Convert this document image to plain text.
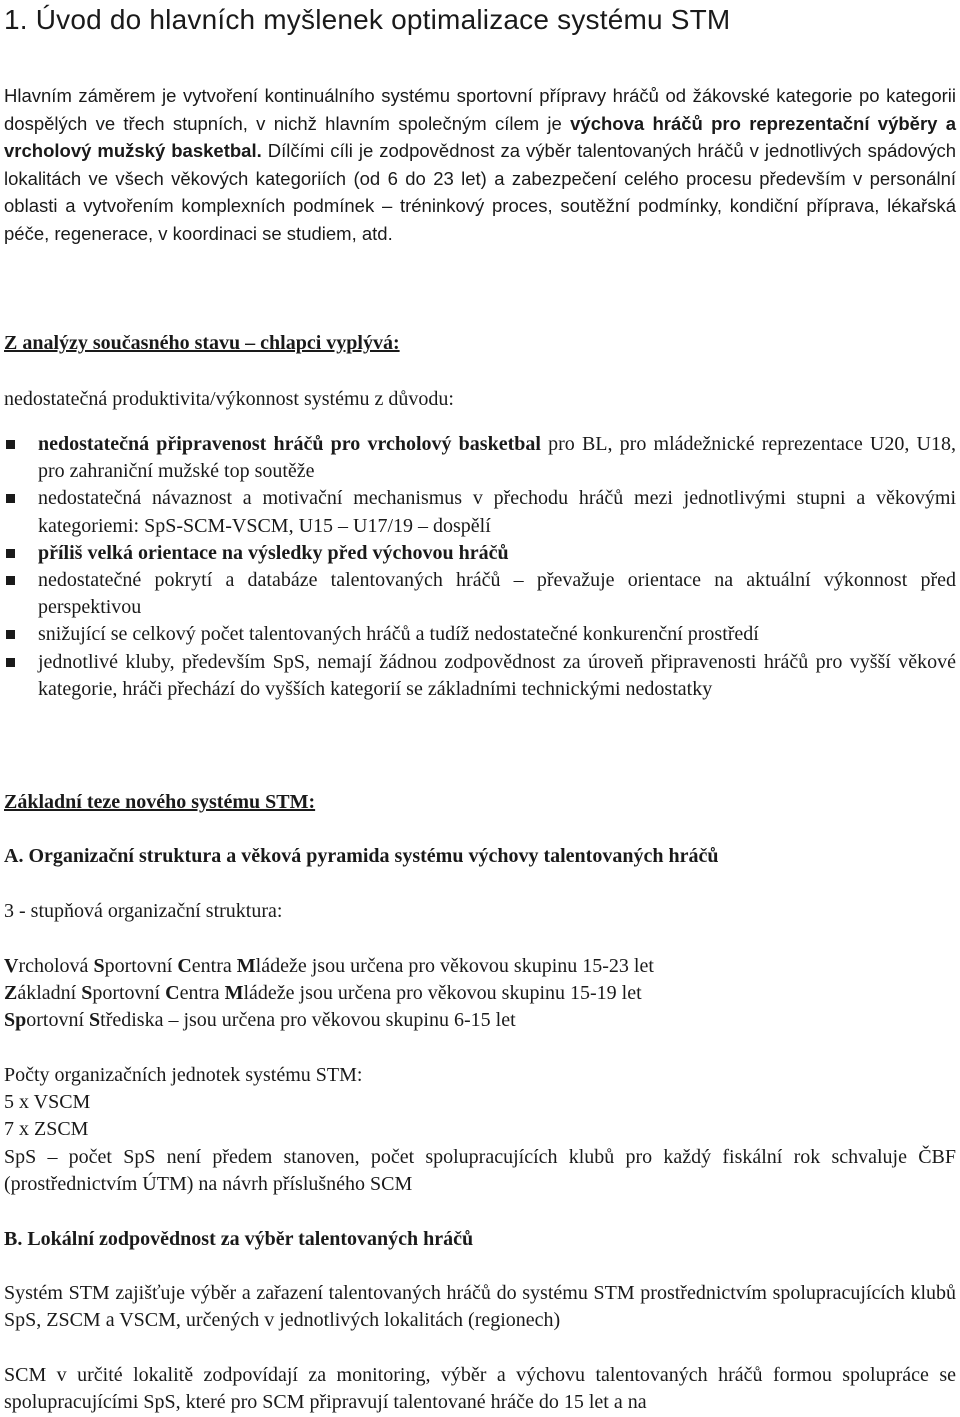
1. Úvod do hlavních myšlenek optimalizace systému STM

Hlavním záměrem je vytvoření kontinuálního systému sportovní přípravy hráčů od žákovské kategorie po kategorii dospělých ve třech stupních, v nichž hlavním společným cílem je výchova hráčů pro reprezentační výběry a vrcholový mužský basketbal. Dílčími cíli je zodpovědnost za výběr talentovaných hráčů v jednotlivých spádových lokalitách ve všech věkových kategoriích (od 6 do 23 let) a zabezpečení celého procesu především v personální oblasti a vytvořením komplexních podmínek – tréninkový proces, soutěžní podmínky, kondiční příprava, lékařská péče, regenerace, v koordinaci se studiem, atd.

Z analýzy současného stavu – chlapci vyplývá:
nedostatečná produktivita/výkonnost systému z důvodu:
nedostatečná připravenost hráčů pro vrcholový basketbal pro BL, pro mládežnické reprezentace U20, U18, pro zahraniční mužské top soutěže
nedostatečná návaznost a motivační mechanismus v přechodu hráčů mezi jednotlivými stupni a věkovými kategoriemi: SpS-SCM-VSCM, U15 – U17/19 – dospělí
příliš velká orientace na výsledky před výchovou hráčů
nedostatečné pokrytí a databáze talentovaných hráčů – převažuje orientace na aktuální výkonnost před perspektivou
snižující se celkový počet talentovaných hráčů a tudíž nedostatečné konkurenční prostředí
jednotlivé kluby, především SpS, nemají žádnou zodpovědnost za úroveň připravenosti hráčů pro vyšší věkové kategorie, hráči přechází do vyšších kategorií se základními technickými nedostatky
Základní teze nového systému STM:
A. Organizační struktura a věková pyramida systému výchovy talentovaných hráčů
3 - stupňová organizační struktura:
Vrcholová Sportovní Centra Mládeže jsou určena pro věkovou skupinu 15-23 let
Základní Sportovní Centra Mládeže jsou určena pro věkovou skupinu 15-19 let
Sportovní Střediska – jsou určena pro věkovou skupinu 6-15 let
Počty organizačních jednotek systému STM:
5 x VSCM
7 x ZSCM
SpS – počet SpS není předem stanoven, počet spolupracujících klubů pro každý fiskální rok schvaluje ČBF (prostřednictvím ÚTM) na návrh příslušného SCM
B. Lokální zodpovědnost za výběr talentovaných hráčů
Systém STM zajišťuje výběr a zařazení talentovaných hráčů do systému STM prostřednictvím spolupracujících klubů SpS, ZSCM a VSCM, určených v jednotlivých lokalitách (regionech)
SCM v určité lokalitě zodpovídají za monitoring, výběr a výchovu talentovaných hráčů formou spolupráce se spolupracujícími SpS, které pro SCM připravují talentované hráče do 15 let a na
